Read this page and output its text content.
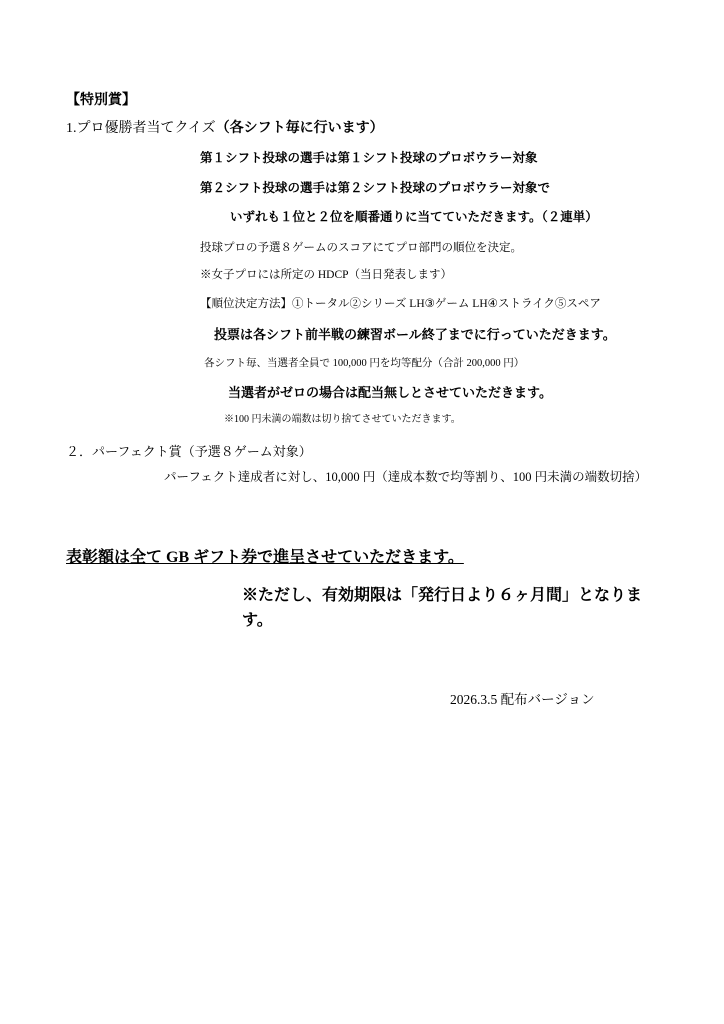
【特別賞】
1.プロ優勝者当てクイズ（各シフト毎に行います）
第１シフト投球の選手は第１シフト投球のプロボウラー対象
第２シフト投球の選手は第２シフト投球のプロボウラー対象で
いずれも１位と２位を順番通りに当てていただきます。（２連単）
投球プロの予選８ゲームのスコアにてプロ部門の順位を決定。
※女子プロには所定の HDCP（当日発表します）
【順位決定方法】①トータル②シリーズ LH③ゲーム LH④ストライク⑤スペア
投票は各シフト前半戦の練習ボール終了までに行っていただきます。
各シフト毎、当選者全員で 100,000 円を均等配分（合計 200,000 円）
当選者がゼロの場合は配当無しとさせていただきます。
※100 円未満の端数は切り捨てさせていただきます。
２．パーフェクト賞（予選８ゲーム対象）
パーフェクト達成者に対し、10,000 円（達成本数で均等割り、100 円未満の端数切捨）
表彰額は全て GB ギフト券で進呈させていただきます。
※ただし、有効期限は「発行日より６ヶ月間」となります。
2026.3.5 配布バージョン
